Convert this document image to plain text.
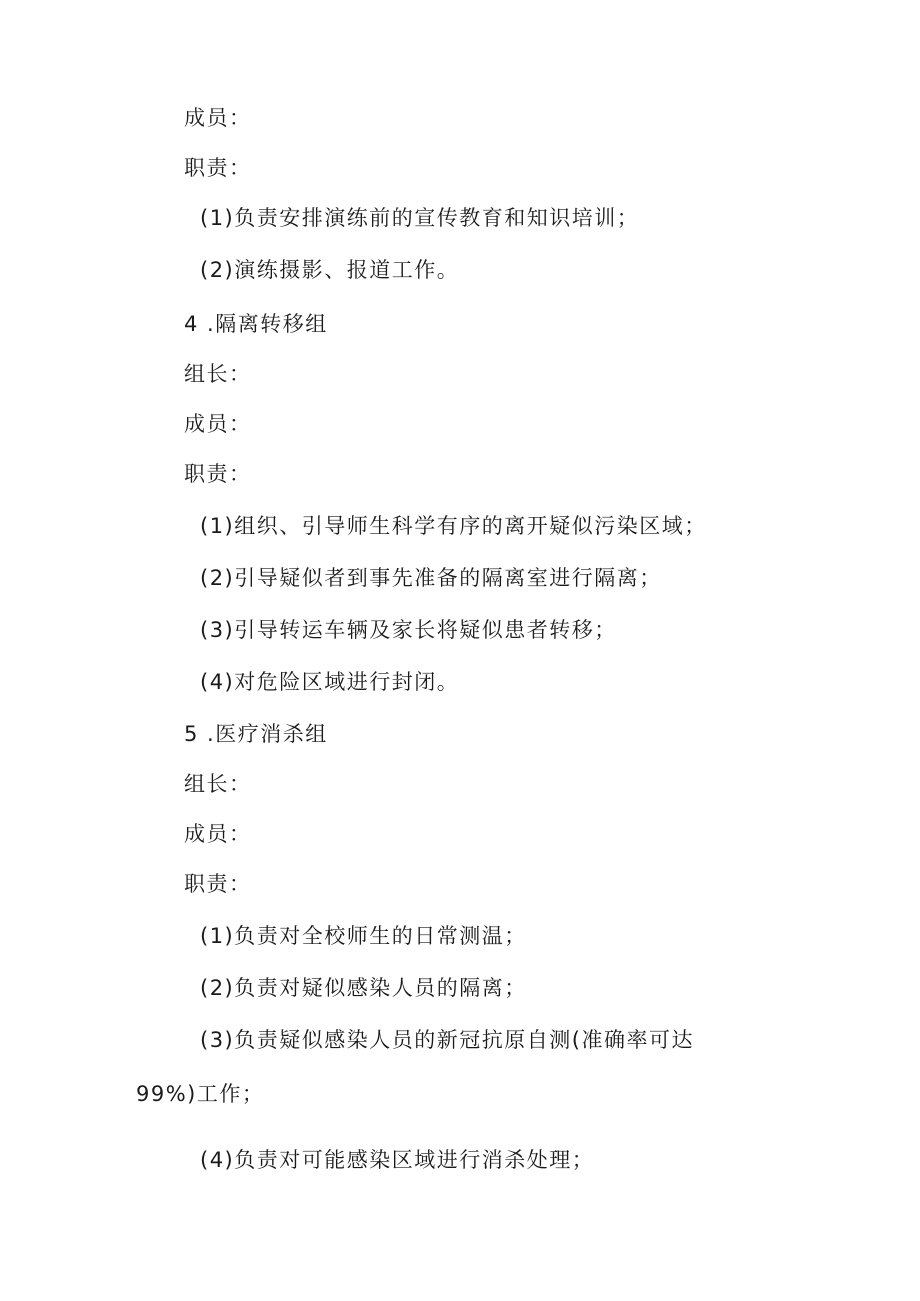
成员：
职责：
(1)负责安排演练前的宣传教育和知识培训；
(2)演练摄影、报道工作。
4 .隔离转移组
组长：
成员：
职责：
(1)组织、引导师生科学有序的离开疑似污染区域；
(2)引导疑似者到事先准备的隔离室进行隔离；
(3)引导转运车辆及家长将疑似患者转移；
(4)对危险区域进行封闭。
5 .医疗消杀组
组长：
成员：
职责：
(1)负责对全校师生的日常测温；
(2)负责对疑似感染人员的隔离；
(3)负责疑似感染人员的新冠抗原自测(准确率可达
99%)工作；
(4)负责对可能感染区域进行消杀处理；
